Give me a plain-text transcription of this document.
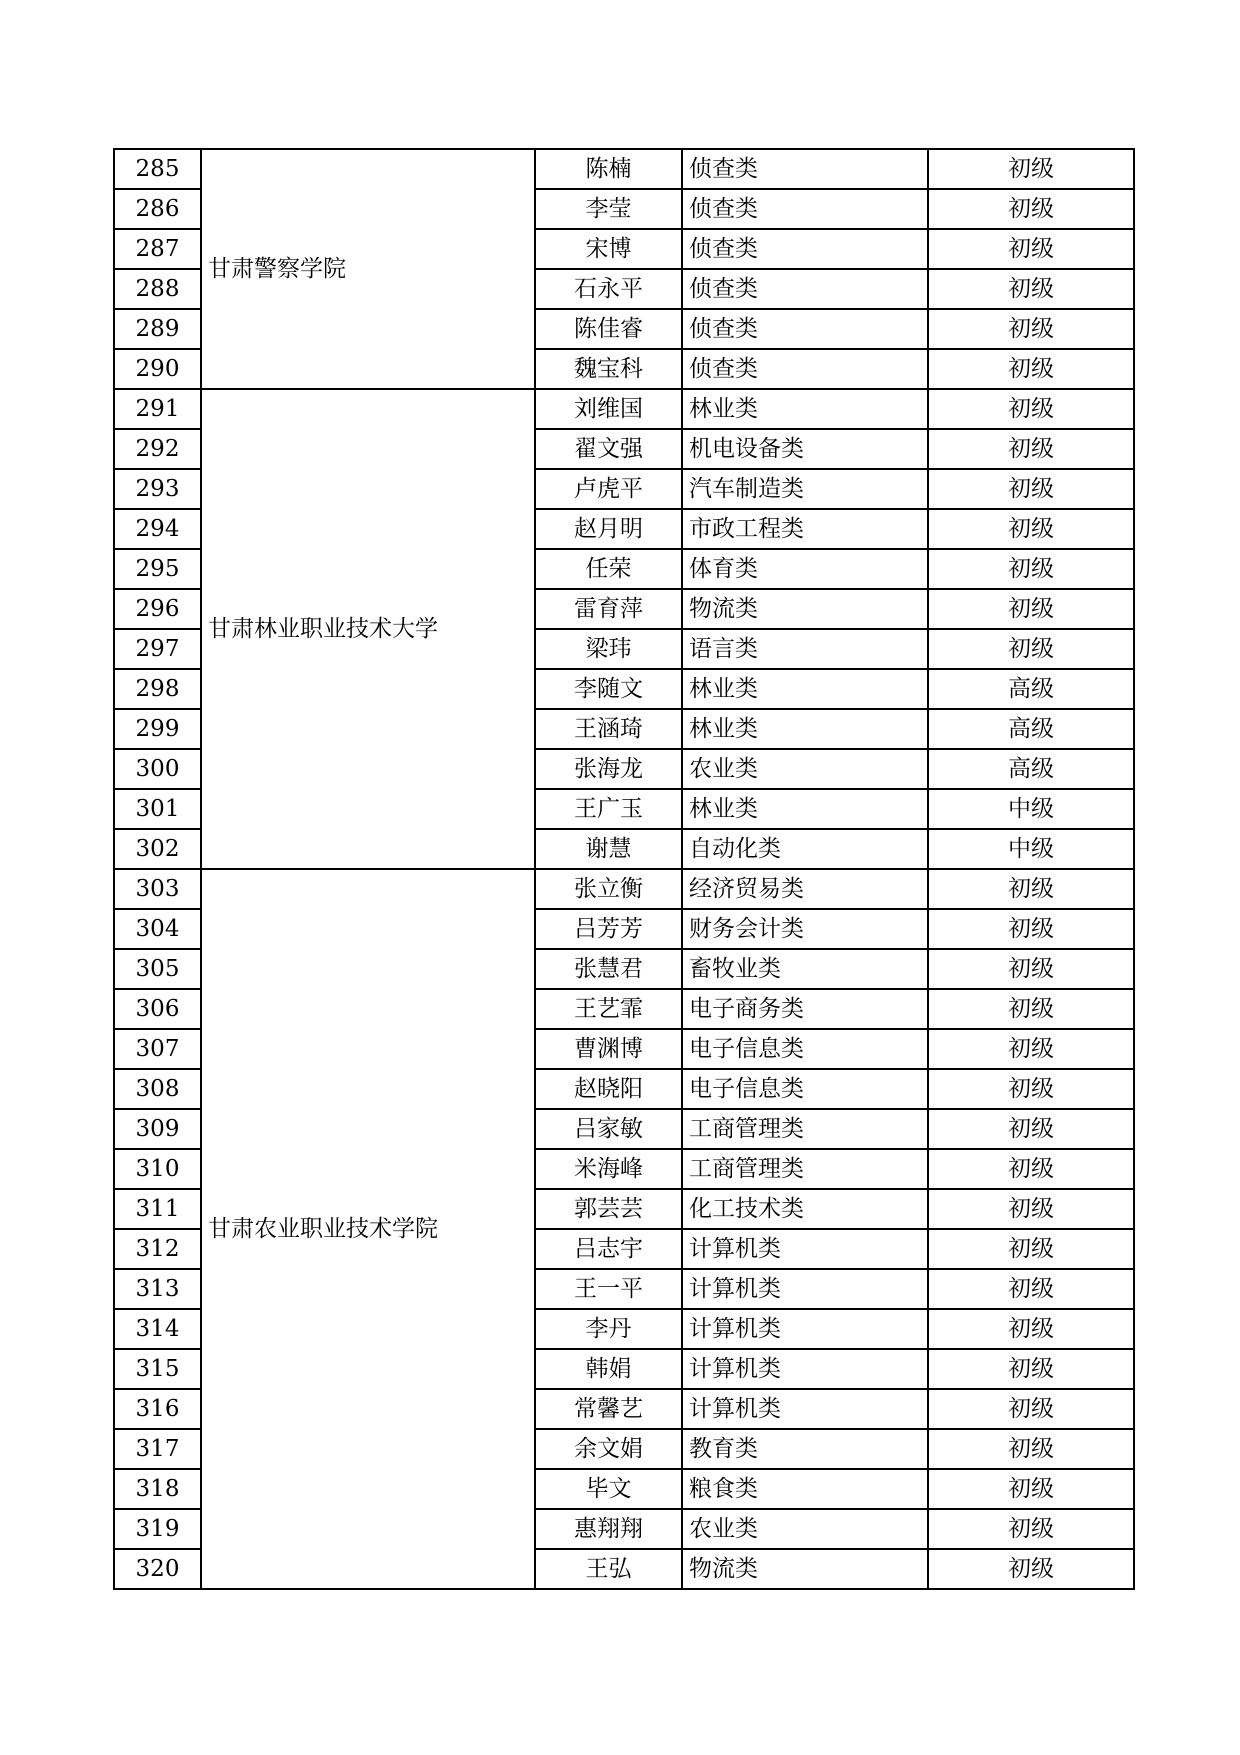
285	甘肃警察学院	陈楠	侦查类	初级
286		李莹	侦查类	初级
287		宋博	侦查类	初级
288		石永平	侦查类	初级
289		陈佳睿	侦查类	初级
290		魏宝科	侦查类	初级
291	甘肃林业职业技术大学	刘维国	林业类	初级
292		翟文强	机电设备类	初级
293		卢虎平	汽车制造类	初级
294		赵月明	市政工程类	初级
295		任荣	体育类	初级
296		雷育萍	物流类	初级
297		梁玮	语言类	初级
298		李随文	林业类	高级
299		王涵琦	林业类	高级
300		张海龙	农业类	高级
301		王广玉	林业类	中级
302		谢慧	自动化类	中级
303	甘肃农业职业技术学院	张立衡	经济贸易类	初级
304		吕芳芳	财务会计类	初级
305		张慧君	畜牧业类	初级
306		王艺霏	电子商务类	初级
307		曹渊博	电子信息类	初级
308		赵晓阳	电子信息类	初级
309		吕家敏	工商管理类	初级
310		米海峰	工商管理类	初级
311		郭芸芸	化工技术类	初级
312		吕志宇	计算机类	初级
313		王一平	计算机类	初级
314		李丹	计算机类	初级
315		韩娟	计算机类	初级
316		常馨艺	计算机类	初级
317		余文娟	教育类	初级
318		毕文	粮食类	初级
319		惠翔翔	农业类	初级
320		王弘	物流类	初级
